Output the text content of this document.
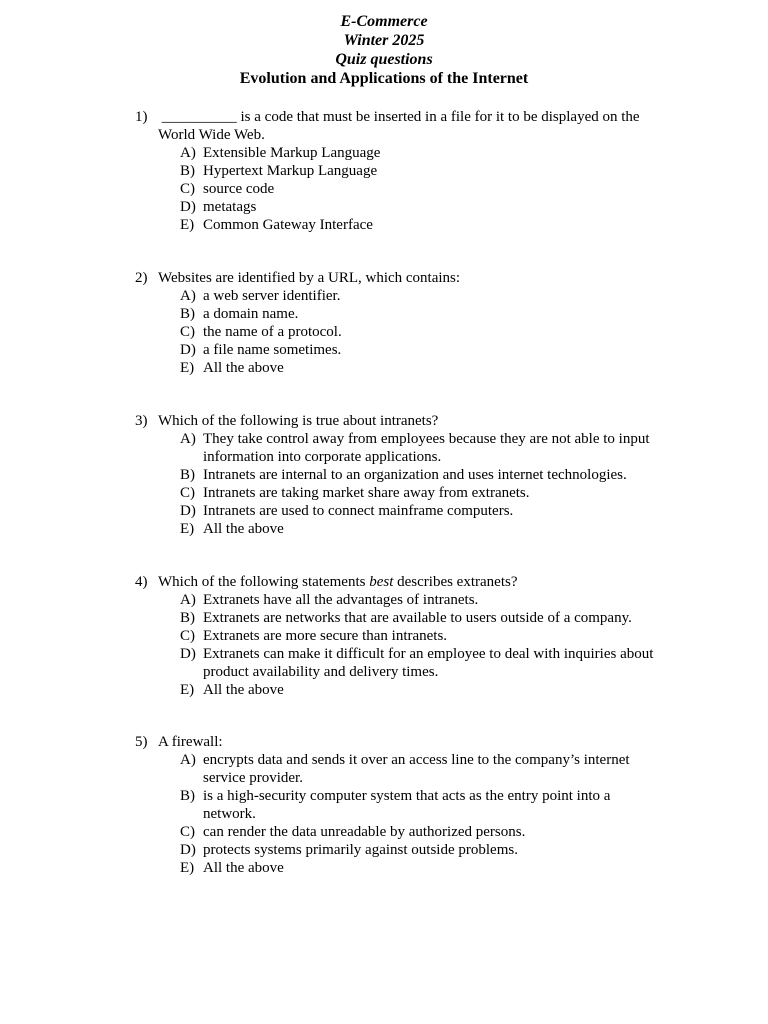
E-Commerce
Winter 2025
Quiz questions
Evolution and Applications of the Internet
1) __________ is a code that must be inserted in a file for it to be displayed on the World Wide Web.
A) Extensible Markup Language
B) Hypertext Markup Language
C) source code
D) metatags
E) Common Gateway Interface
2) Websites are identified by a URL, which contains:
A) a web server identifier.
B) a domain name.
C) the name of a protocol.
D) a file name sometimes.
E) All the above
3) Which of the following is true about intranets?
A) They take control away from employees because they are not able to input information into corporate applications.
B) Intranets are internal to an organization and uses internet technologies.
C) Intranets are taking market share away from extranets.
D) Intranets are used to connect mainframe computers.
E) All the above
4) Which of the following statements best describes extranets?
A) Extranets have all the advantages of intranets.
B) Extranets are networks that are available to users outside of a company.
C) Extranets are more secure than intranets.
D) Extranets can make it difficult for an employee to deal with inquiries about product availability and delivery times.
E) All the above
5) A firewall:
A) encrypts data and sends it over an access line to the company’s internet service provider.
B) is a high-security computer system that acts as the entry point into a network.
C) can render the data unreadable by authorized persons.
D) protects systems primarily against outside problems.
E) All the above
